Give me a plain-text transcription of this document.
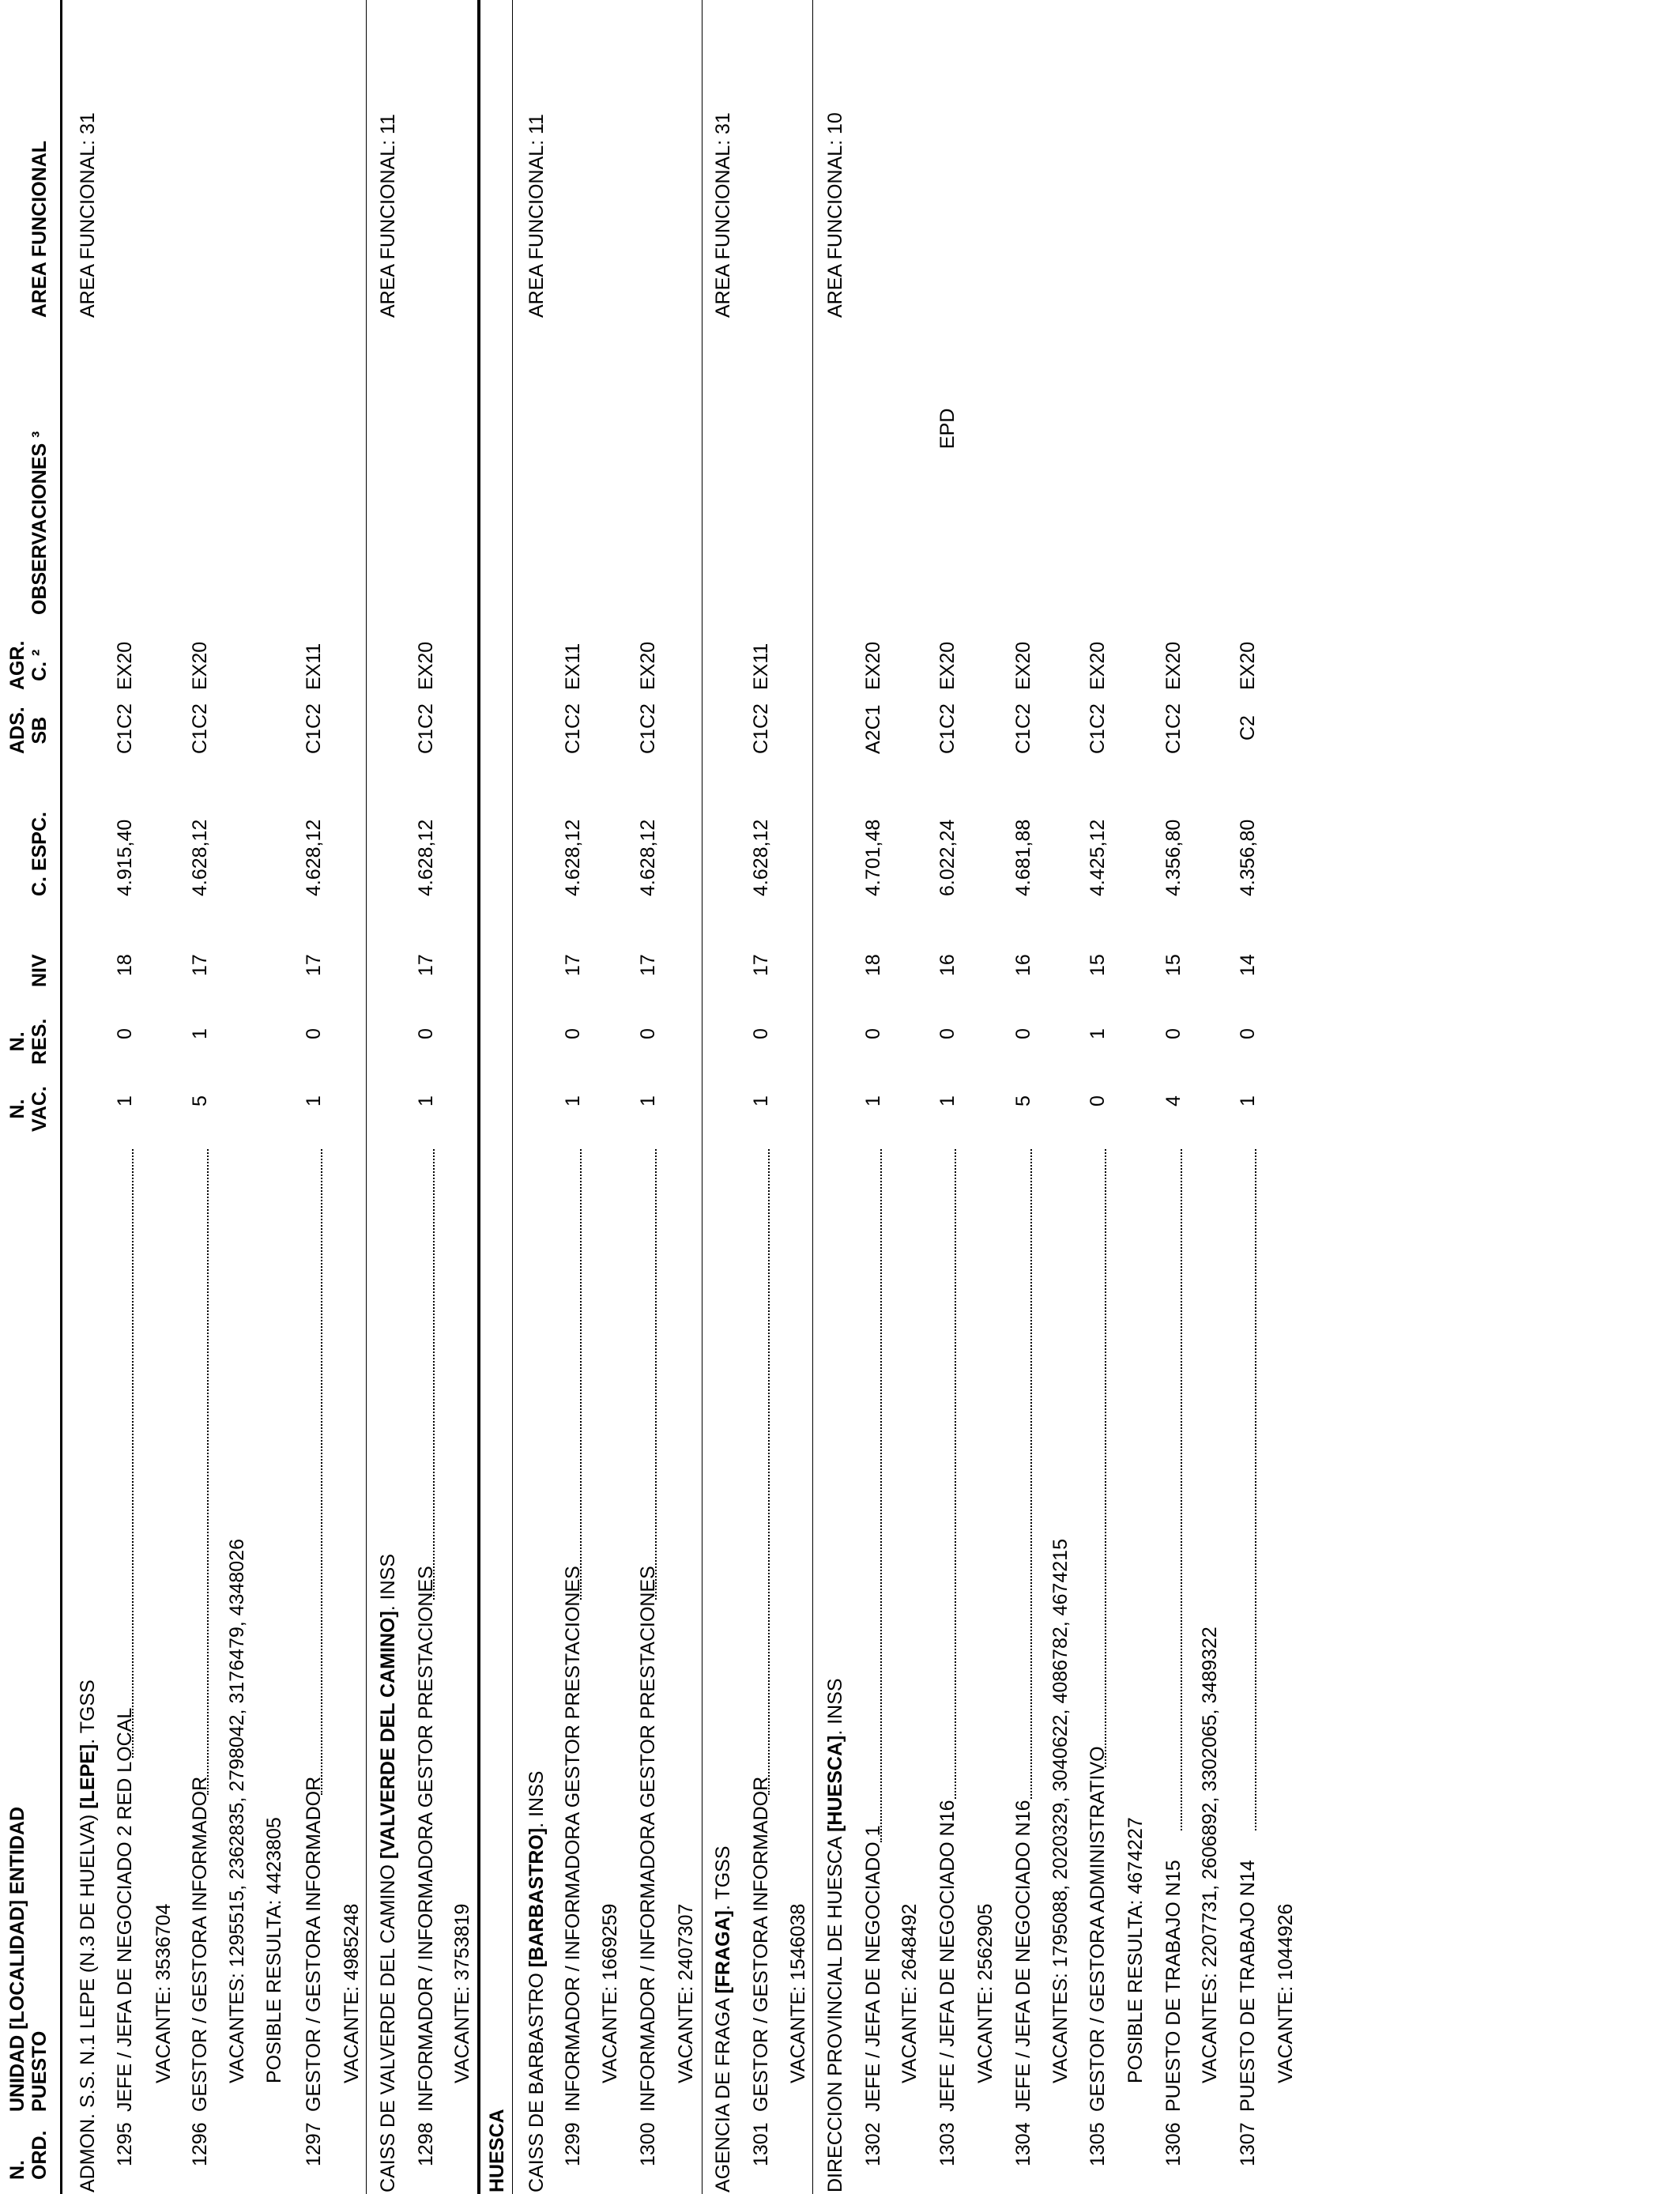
N. ORD.
UNIDAD [LOCALIDAD] ENTIDAD PUESTO
N. VAC.
N. RES.
NIV
C. ESPC.
ADS. SB
AGR. C. ²
OBSERVACIONES ³
AREA FUNCIONAL
ADMON. S.S. N.1 LEPE (N.3 DE HUELVA) [LEPE]. TGSS
AREA FUNCIONAL: 31
1295
JEFE / JEFA DE NEGOCIADO 2 RED LOCAL
1
0
18
4.915,40
C1C2
EX20
VACANTE: 3536704
1296
GESTOR / GESTORA INFORMADOR
5
1
17
4.628,12
C1C2
EX20
VACANTES: 1295515, 2362835, 2798042, 3176479, 4348026 POSIBLE RESULTA: 4423805
1297
GESTOR / GESTORA INFORMADOR
1
0
17
4.628,12
C1C2
EX11
VACANTE: 4985248 CAISS DE VALVERDE DEL CAMINO [VALVERDE DEL CAMINO]. INSS
AREA FUNCIONAL: 11
1298
INFORMADOR / INFORMADORA GESTOR PRESTACIONES
1
0
17
4.628,12
C1C2
EX20
VACANTE: 3753819
HUESCA CAISS DE BARBASTRO [BARBASTRO]. INSS
AREA FUNCIONAL: 11
1299
INFORMADOR / INFORMADORA GESTOR PRESTACIONES
1
0
17
4.628,12
C1C2
EX11
VACANTE: 1669259
1300
INFORMADOR / INFORMADORA GESTOR PRESTACIONES
1
0
17
4.628,12
C1C2
EX20
VACANTE: 2407307
AGENCIA DE FRAGA [FRAGA]. TGSS
AREA FUNCIONAL: 31
1301
GESTOR / GESTORA INFORMADOR
1
0
17
4.628,12
C1C2
EX11
VACANTE: 1546038 DIRECCION PROVINCIAL DE HUESCA [HUESCA]. INSS
AREA FUNCIONAL: 10
1302
JEFE / JEFA DE NEGOCIADO 1
1
0
18
4.701,48
A2C1
EX20
VACANTE: 2648492
1303
JEFE / JEFA DE NEGOCIADO N16
1
0
16
6.022,24
C1C2
EX20
EPD
VACANTE: 2562905
1304
JEFE / JEFA DE NEGOCIADO N16
5
0
16
4.681,88
C1C2
EX20
VACANTES: 1795088, 2020329, 3040622, 4086782, 4674215
1305
GESTOR / GESTORA ADMINISTRATIVO
0
1
15
4.425,12
C1C2
EX20
POSIBLE RESULTA: 4674227
1306
PUESTO DE TRABAJO N15
4
0
15
4.356,80
C1C2
EX20
VACANTES: 2207731, 2606892, 3302065, 3489322
1307
PUESTO DE TRABAJO N14
1
0
14
4.356,80
C2
EX20
VACANTE: 1044926
